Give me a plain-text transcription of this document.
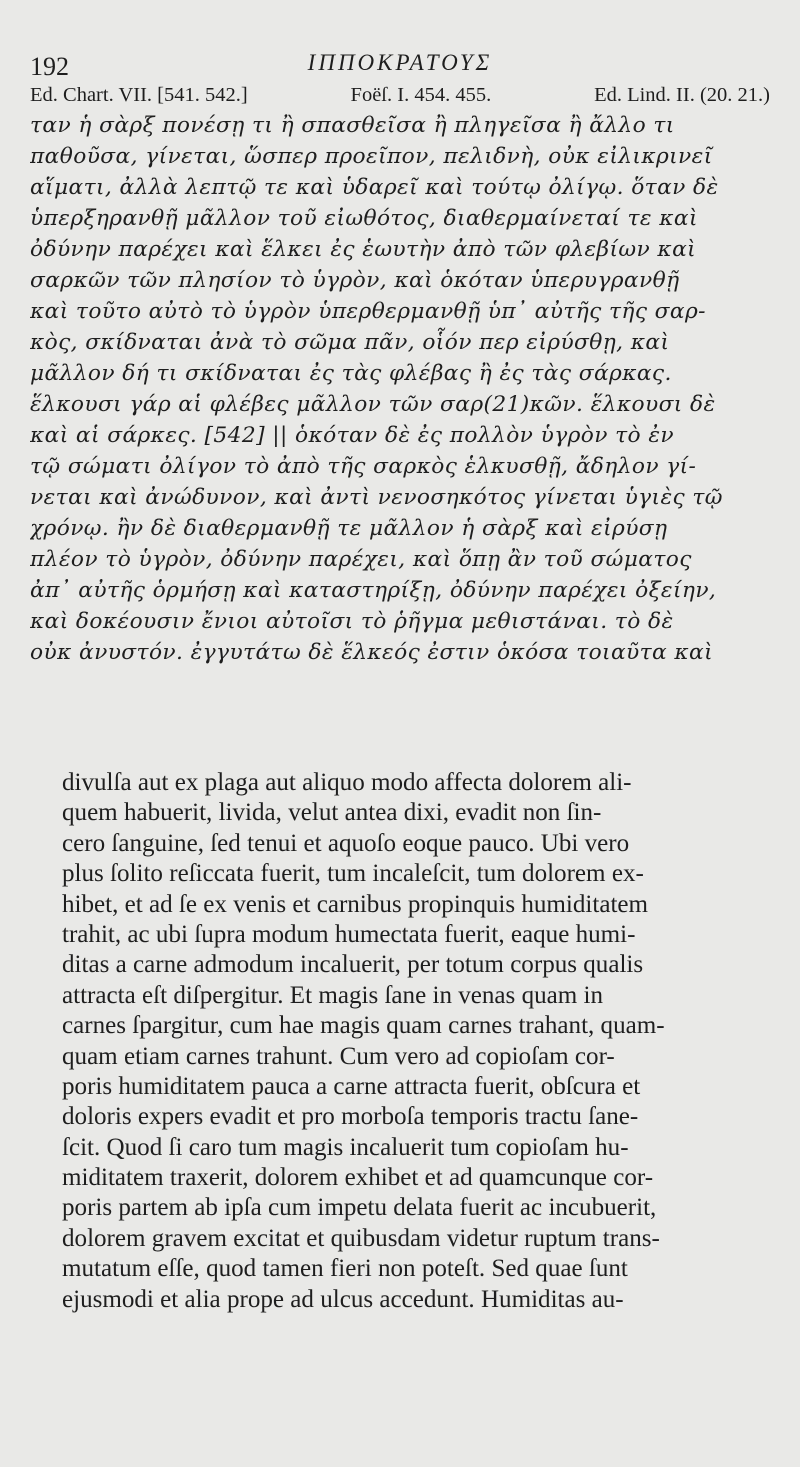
192	ΙΠΠΟΚΡΑΤΟΥΣ
Ed. Chart. VII. [541. 542.]	Foëſ. I. 454. 455.	Ed. Lind. II. (20. 21.)
ταν ἡ σὰρξ πονέσῃ τι ἢ σπασθεῖσα ἢ πληγεῖσα ἢ ἄλλο τι
παθοῦσα, γίνεται, ὥσπερ προεῖπον, πελιδνὴ, οὐκ εἰλικρινεῖ
αἵματι, ἀλλὰ λεπτῷ τε καὶ ὑδαρεῖ καὶ τούτῳ ὀλίγῳ. ὅταν δὲ
ὑπερξηρανθῇ μᾶλλον τοῦ εἰωθότος, διαθερμαίνεταί τε καὶ
ὀδύνην παρέχει καὶ ἕλκει ἐς ἑωυτὴν ἀπὸ τῶν φλεβίων καὶ
σαρκῶν τῶν πλησίον τὸ ὑγρὸν, καὶ ὁκόταν ὑπερυγρανθῇ
καὶ τοῦτο αὐτὸ τὸ ὑγρὸν ὑπερθερμανθῇ ὑπ᾽ αὐτῆς τῆς σαρ-
κὸς, σκίδναται ἀνὰ τὸ σῶμα πᾶν, οἷόν περ εἰρύσθῃ, καὶ
μᾶλλον δή τι σκίδναται ἐς τὰς φλέβας ἢ ἐς τὰς σάρκας.
ἕλκουσι γάρ αἱ φλέβες μᾶλλον τῶν σαρ(21)κῶν. ἕλκουσι δὲ
καὶ αἱ σάρκες. [542] || ὁκόταν δὲ ἐς πολλὸν ὑγρὸν τὸ ἐν
τῷ σώματι ὀλίγον τὸ ἀπὸ τῆς σαρκὸς ἑλκυσθῇ, ἄδηλον γί-
νεται καὶ ἀνώδυνον, καὶ ἀντὶ νενοσηκότος γίνεται ὑγιὲς τῷ
χρόνῳ. ἢν δὲ διαθερμανθῇ τε μᾶλλον ἡ σὰρξ καὶ εἰρύσῃ
πλέον τὸ ὑγρὸν, ὀδύνην παρέχει, καὶ ὅπῃ ἂν τοῦ σώματος
ἀπ᾽ αὐτῆς ὁρμήσῃ καὶ καταστηρίξῃ, ὀδύνην παρέχει ὀξείην,
καὶ δοκέουσιν ἔνιοι αὐτοῖσι τὸ ῥῆγμα μεθιστάναι. τὸ δὲ
οὐκ ἀνυστόν. ἐγγυτάτω δὲ ἕλκεός ἐστιν ὁκόσα τοιαῦτα καὶ
divulſa aut ex plaga aut aliquo modo affecta dolorem ali-
quem habuerit, livida, velut antea dixi, evadit non ſin-
cero ſanguine, ſed tenui et aquoſo eoque pauco. Ubi vero
plus ſolito reſiccata fuerit, tum incaleſcit, tum dolorem ex-
hibet, et ad ſe ex venis et carnibus propinquis humiditatem
trahit, ac ubi ſupra modum humectata fuerit, eaque humi-
ditas a carne admodum incaluerit, per totum corpus qualis
attracta eſt diſpergitur. Et magis ſane in venas quam in
carnes ſpargitur, cum hae magis quam carnes trahant, quam-
quam etiam carnes trahunt. Cum vero ad copioſam cor-
poris humiditatem pauca a carne attracta fuerit, obſcura et
doloris expers evadit et pro morboſa temporis tractu ſane-
ſcit. Quod ſi caro tum magis incaluerit tum copioſam hu-
miditatem traxerit, dolorem exhibet et ad quamcunque cor-
poris partem ab ipſa cum impetu delata fuerit ac incubuerit,
dolorem gravem excitat et quibusdam videtur ruptum trans-
mutatum eſſe, quod tamen fieri non poteſt. Sed quae ſunt
ejusmodi et alia prope ad ulcus accedunt. Humiditas au-
